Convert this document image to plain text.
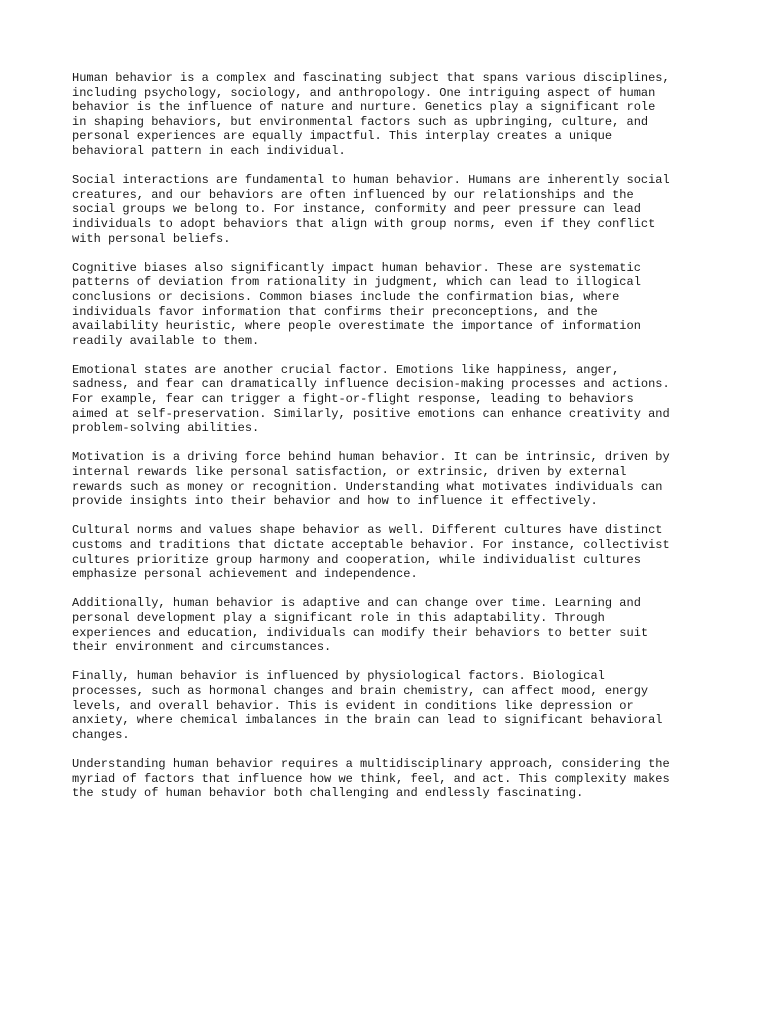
Human behavior is a complex and fascinating subject that spans various disciplines,
including psychology, sociology, and anthropology. One intriguing aspect of human
behavior is the influence of nature and nurture. Genetics play a significant role
in shaping behaviors, but environmental factors such as upbringing, culture, and
personal experiences are equally impactful. This interplay creates a unique
behavioral pattern in each individual.

Social interactions are fundamental to human behavior. Humans are inherently social
creatures, and our behaviors are often influenced by our relationships and the
social groups we belong to. For instance, conformity and peer pressure can lead
individuals to adopt behaviors that align with group norms, even if they conflict
with personal beliefs.

Cognitive biases also significantly impact human behavior. These are systematic
patterns of deviation from rationality in judgment, which can lead to illogical
conclusions or decisions. Common biases include the confirmation bias, where
individuals favor information that confirms their preconceptions, and the
availability heuristic, where people overestimate the importance of information
readily available to them.

Emotional states are another crucial factor. Emotions like happiness, anger,
sadness, and fear can dramatically influence decision-making processes and actions.
For example, fear can trigger a fight-or-flight response, leading to behaviors
aimed at self-preservation. Similarly, positive emotions can enhance creativity and
problem-solving abilities.

Motivation is a driving force behind human behavior. It can be intrinsic, driven by
internal rewards like personal satisfaction, or extrinsic, driven by external
rewards such as money or recognition. Understanding what motivates individuals can
provide insights into their behavior and how to influence it effectively.

Cultural norms and values shape behavior as well. Different cultures have distinct
customs and traditions that dictate acceptable behavior. For instance, collectivist
cultures prioritize group harmony and cooperation, while individualist cultures
emphasize personal achievement and independence.

Additionally, human behavior is adaptive and can change over time. Learning and
personal development play a significant role in this adaptability. Through
experiences and education, individuals can modify their behaviors to better suit
their environment and circumstances.

Finally, human behavior is influenced by physiological factors. Biological
processes, such as hormonal changes and brain chemistry, can affect mood, energy
levels, and overall behavior. This is evident in conditions like depression or
anxiety, where chemical imbalances in the brain can lead to significant behavioral
changes.

Understanding human behavior requires a multidisciplinary approach, considering the
myriad of factors that influence how we think, feel, and act. This complexity makes
the study of human behavior both challenging and endlessly fascinating.
